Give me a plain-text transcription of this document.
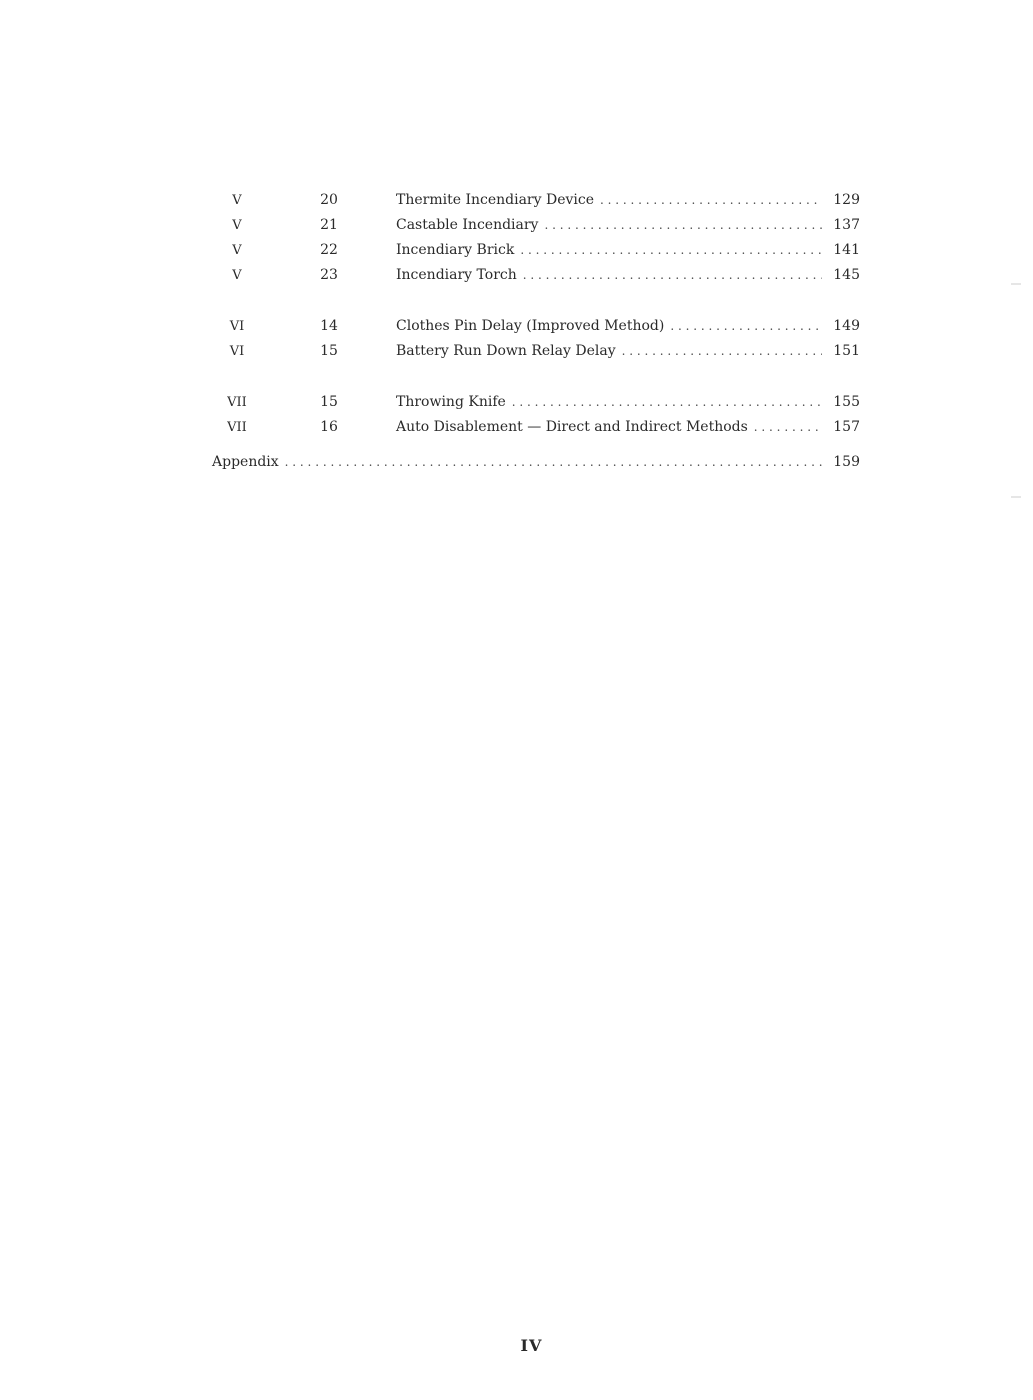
V	20	Thermite Incendiary Device . . .	129
V	21	Castable Incendiary . . .	137
V	22	Incendiary Brick . . .	141
V	23	Incendiary Torch . . .	145
VI	14	Clothes Pin Delay (Improved Method) . . .	149
VI	15	Battery Run Down Relay Delay . . .	151
VII	15	Throwing Knife . . .	155
VII	16	Auto Disablement — Direct and Indirect Methods . . .	157
Appendix . . .	159
IV
